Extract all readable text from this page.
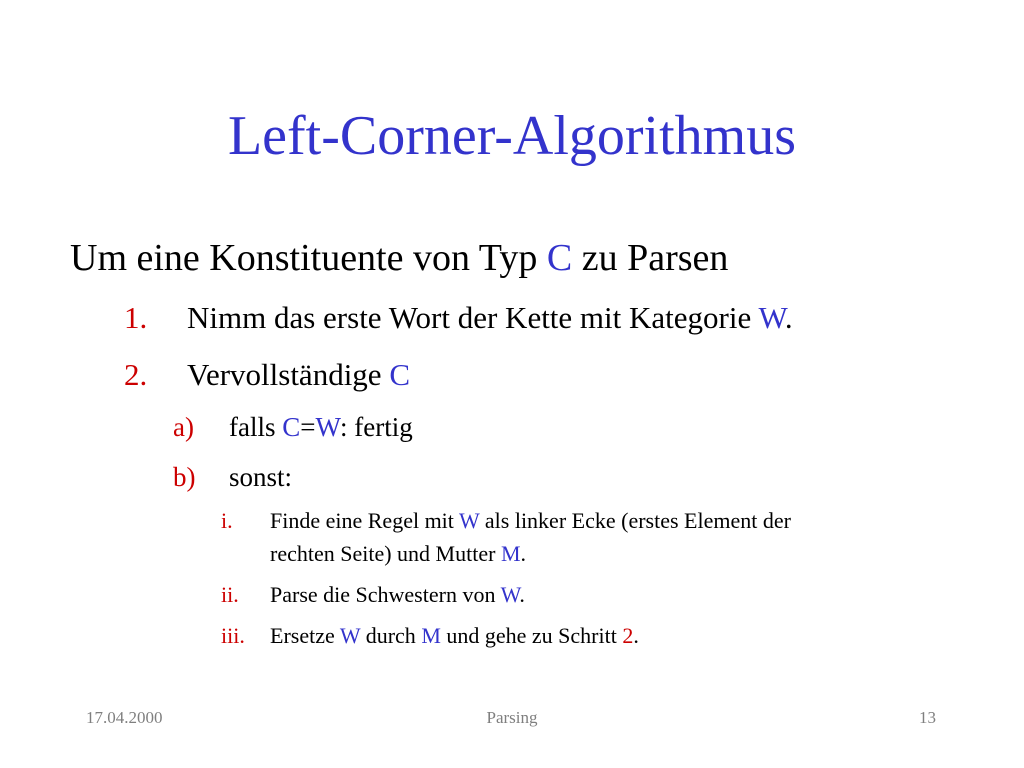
Left-Corner-Algorithmus
Um eine Konstituente von Typ C zu Parsen
1. Nimm das erste Wort der Kette mit Kategorie W.
2. Vervollständige C
a) falls C=W: fertig
b) sonst:
i. Finde eine Regel mit W als linker Ecke (erstes Element der
rechten Seite) und Mutter M.
ii. Parse die Schwestern von W.
iii. Ersetze W durch M und gehe zu Schritt 2.
17.04.2000	Parsing	13
